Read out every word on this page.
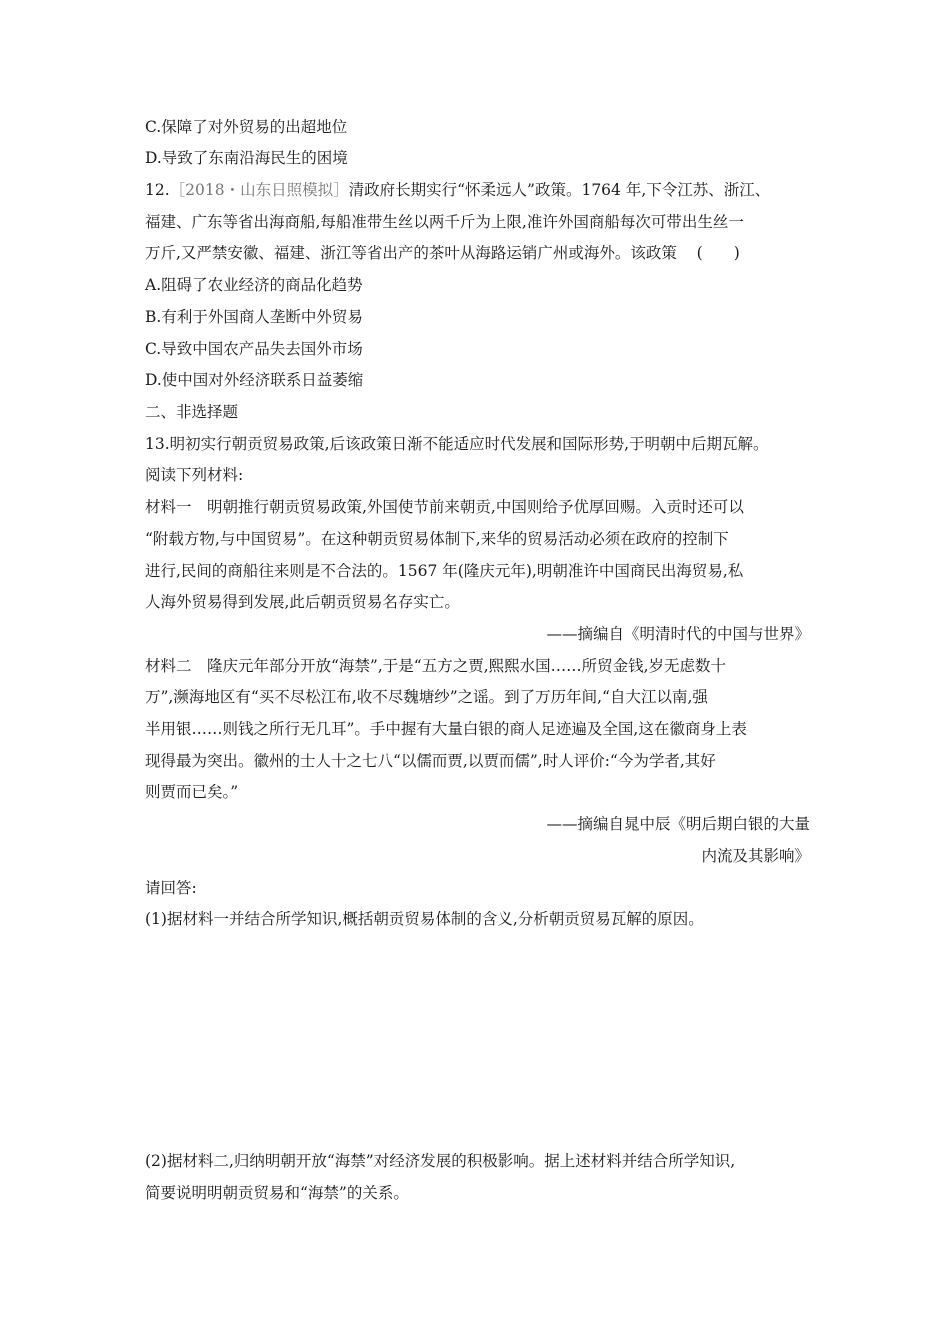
C.保障了对外贸易的出超地位
D.导致了东南沿海民生的困境
12.［2018・山东日照模拟］清政府长期实行“怀柔远人”政策。1764 年,下令江苏、浙江、
福建、广东等省出海商船,每船准带生丝以两千斤为上限,准许外国商船每次可带出生丝一
万斤,又严禁安徽、福建、浙江等省出产的茶叶从海路运销广州或海外。该政策 (　　)
A.阻碍了农业经济的商品化趋势
B.有利于外国商人垄断中外贸易
C.导致中国农产品失去国外市场
D.使中国对外经济联系日益萎缩
二、非选择题
13.明初实行朝贡贸易政策,后该政策日渐不能适应时代发展和国际形势,于明朝中后期瓦解。
阅读下列材料:
材料一　明朝推行朝贡贸易政策,外国使节前来朝贡,中国则给予优厚回赐。入贡时还可以
“附载方物,与中国贸易”。在这种朝贡贸易体制下,来华的贸易活动必须在政府的控制下
进行,民间的商船往来则是不合法的。1567 年(隆庆元年),明朝准许中国商民出海贸易,私
人海外贸易得到发展,此后朝贡贸易名存实亡。
——摘编自《明清时代的中国与世界》
材料二　隆庆元年部分开放“海禁”,于是“五方之贾,熙熙水国……所贸金钱,岁无虑数十
万”,濒海地区有“买不尽松江布,收不尽魏塘纱”之谣。到了万历年间,“自大江以南,强
半用银……则钱之所行无几耳”。手中握有大量白银的商人足迹遍及全国,这在徽商身上表
现得最为突出。徽州的士人十之七八“以儒而贾,以贾而儒”,时人评价:“今为学者,其好
则贾而已矣。”
——摘编自晁中辰《明后期白银的大量
内流及其影响》
请回答:
(1)据材料一并结合所学知识,概括朝贡贸易体制的含义,分析朝贡贸易瓦解的原因。
(2)据材料二,归纳明朝开放“海禁”对经济发展的积极影响。据上述材料并结合所学知识,
简要说明明朝贡贸易和“海禁”的关系。
